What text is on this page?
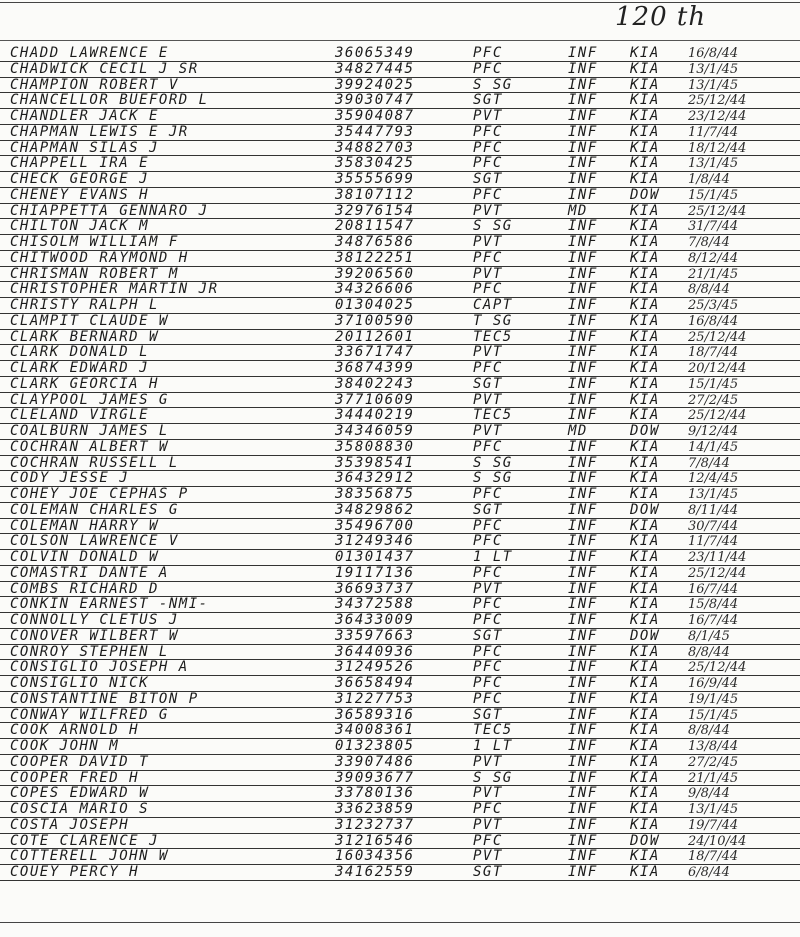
120 th
CHADD LAWRENCE E	36065349	PFC	INF KIA 16/8/44
CHADWICK CECIL J SR	34827445	PFC	INF KIA 13/1/45
CHAMPION ROBERT V	39924025	S SG	INF KIA 13/1/45
CHANCELLOR BUEFORD L	39030747	SGT	INF KIA 25/12/44
CHANDLER JACK E	35904087	PVT	INF KIA 23/12/44
CHAPMAN LEWIS E JR	35447793	PFC	INF KIA 11/7/44
CHAPMAN SILAS J	34882703	PFC	INF KIA 18/12/44
CHAPPELL IRA E	35830425	PFC	INF KIA 13/1/45
CHECK GEORGE J	35555699	SGT	INF KIA 1/8/44
CHENEY EVANS H	38107112	PFC	INF DOW 15/1/45
CHIAPPETTA GENNARO J	32976154	PVT	MD	KIA 25/12/44
CHILTON JACK M	20811547	S SG	INF KIA 31/7/44
CHISOLM WILLIAM F	34876586	PVT	INF KIA 7/8/44
CHITWOOD RAYMOND H	38122251	PFC	INF KIA 8/12/44
CHRISMAN ROBERT M	39206560	PVT	INF KIA 21/1/45
CHRISTOPHER MARTIN JR	34326606	PFC	INF KIA 8/8/44
CHRISTY RALPH L	01304025	CAPT	INF KIA 25/3/45
CLAMPIT CLAUDE W	37100590	T SG	INF KIA 16/8/44
CLARK BERNARD W	20112601	TEC5	INF KIA 25/12/44
CLARK DONALD L	33671747	PVT	INF KIA 18/7/44
CLARK EDWARD J	36874399	PFC	INF KIA 20/12/44
CLARK GEORCIA H	38402243	SGT	INF KIA 15/1/45
CLAYPOOL JAMES G	37710609	PVT	INF KIA 27/2/45
CLELAND VIRGLE	34440219	TEC5	INF KIA 25/12/44
COALBURN JAMES L	34346059	PVT	MD	DOW 9/12/44
COCHRAN ALBERT W	35808830	PFC	INF KIA 14/1/45
COCHRAN RUSSELL L	35398541	S SG	INF KIA 7/8/44
CODY JESSE J	36432912	S SG	INF KIA 12/4/45
COHEY JOE CEPHAS P	38356875	PFC	INF KIA 13/1/45
COLEMAN CHARLES G	34829862	SGT	INF DOW 8/11/44
COLEMAN HARRY W	35496700	PFC	INF KIA 30/7/44
COLSON LAWRENCE V	31249346	PFC	INF KIA 11/7/44
COLVIN DONALD W	01301437	1 LT	INF KIA 23/11/44
COMASTRI DANTE A	19117136	PFC	INF KIA 25/12/44
COMBS RICHARD D	36693737	PVT	INF KIA 16/7/44
CONKIN EARNEST -NMI-	34372588	PFC	INF KIA 15/8/44
CONNOLLY CLETUS J	36433009	PFC	INF KIA 16/7/44
CONOVER WILBERT W	33597663	SGT	INF DOW 8/1/45
CONROY STEPHEN L	36440936	PFC	INF KIA 8/8/44
CONSIGLIO JOSEPH A	31249526	PFC	INF KIA 25/12/44
CONSIGLIO NICK	36658494	PFC	INF KIA 16/9/44
CONSTANTINE BITON P	31227753	PFC	INF KIA 19/1/45
CONWAY WILFRED G	36589316	SGT	INF KIA 15/1/45
COOK ARNOLD H	34008361	TEC5	INF KIA 8/8/44
COOK JOHN M	01323805	1 LT	INF KIA 13/8/44
COOPER DAVID T	33907486	PVT	INF KIA 27/2/45
COOPER FRED H	39093677	S SG	INF KIA 21/1/45
COPES EDWARD W	33780136	PVT	INF KIA 9/8/44
COSCIA MARIO S	33623859	PFC	INF KIA 13/1/45
COSTA JOSEPH	31232737	PVT	INF KIA 19/7/44
COTE CLARENCE J	31216546	PFC	INF DOW 24/10/44
COTTERELL JOHN W	16034356	PVT	INF KIA 18/7/44
COUEY PERCY H	34162559	SGT	INF KIA 6/8/44
